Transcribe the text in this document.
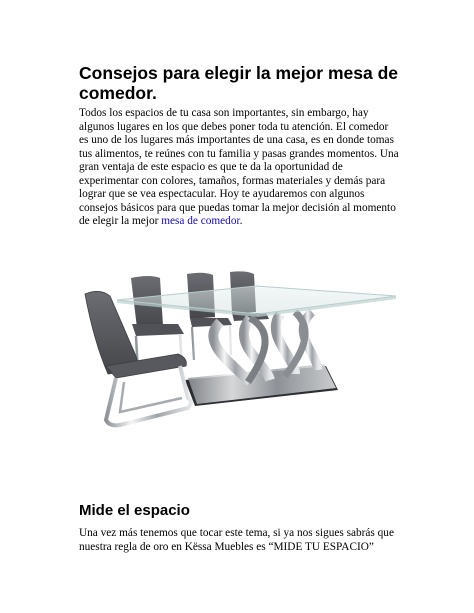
Consejos para elegir la mejor mesa de comedor.

Todos los espacios de tu casa son importantes, sin embargo, hay algunos lugares en los que debes poner toda tu atención. El comedor es uno de los lugares más importantes de una casa, es en donde tomas tus alimentos, te reúnes con tu familia y pasas grandes momentos. Una gran ventaja de este espacio es que te da la oportunidad de experimentar con colores, tamaños, formas materiales y demás para lograr que se vea espectacular. Hoy te ayudaremos con algunos consejos básicos para que puedas tomar la mejor decisión al momento de elegir la mejor mesa de comedor.

Mide el espacio

Una vez más tenemos que tocar este tema, si ya nos sigues sabrás que nuestra regla de oro en Këssa Muebles es “MIDE TU ESPACIO”
